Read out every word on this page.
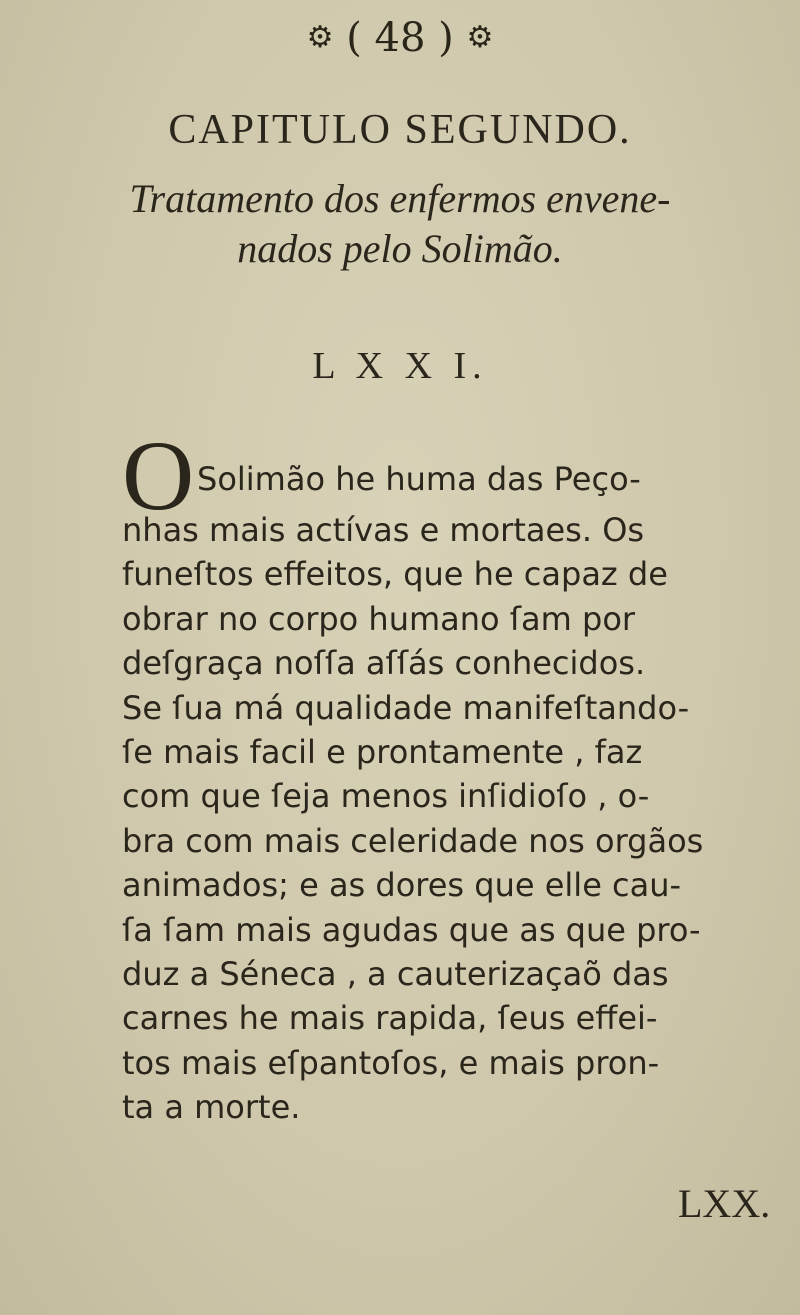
⚙ ( 48 ) ⚙
CAPITULO SEGUNDO.
Tratamento dos enfermos envene-
nados pelo Solimão.
L X X I.
O Solimão he huma das Peço-
nhas mais actívas e mortaes. Os
funeſtos effeitos, que he capaz de
obrar no corpo humano ſam por
deſgraça noſſa aſſás conhecidos.
Se ſua má qualidade manifeſtando-
ſe mais facil e prontamente , faz
com que ſeja menos inſidioſo , o-
bra com mais celeridade nos orgãos
animados; e as dores que elle cau-
ſa ſam mais agudas que as que pro-
duz a Séneca , a cauterizaçaõ das
carnes he mais rapida, ſeus effei-
tos mais eſpantoſos, e mais pron-
ta a morte.
LXX.
